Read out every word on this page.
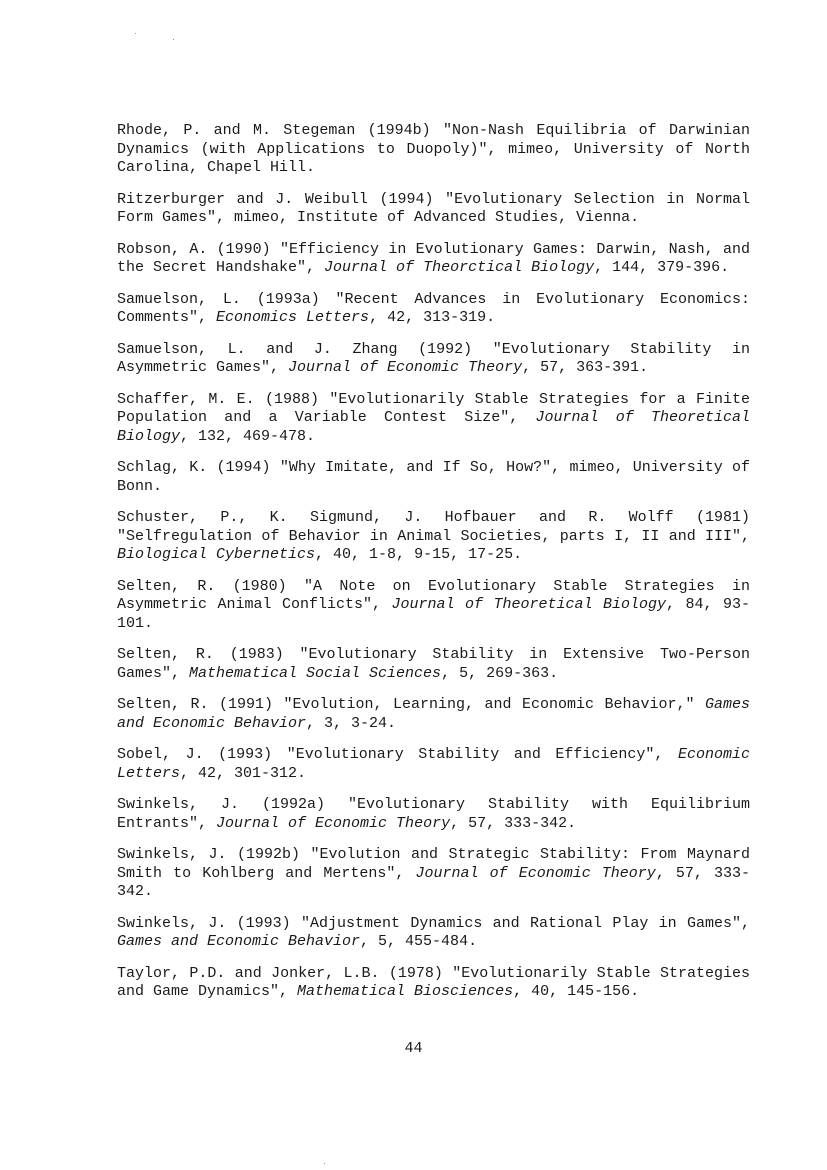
Rhode, P. and M. Stegeman (1994b) "Non-Nash Equilibria of Darwinian Dynamics (with Applications to Duopoly)", mimeo, University of North Carolina, Chapel Hill.

Ritzerburger and J. Weibull (1994) "Evolutionary Selection in Normal Form Games", mimeo, Institute of Advanced Studies, Vienna.

Robson, A. (1990) "Efficiency in Evolutionary Games: Darwin, Nash, and the Secret Handshake", Journal of Theorctical Biology, 144, 379-396.

Samuelson, L. (1993a) "Recent Advances in Evolutionary Economics: Comments", Economics Letters, 42, 313-319.

Samuelson, L. and J. Zhang (1992) "Evolutionary Stability in Asymmetric Games", Journal of Economic Theory, 57, 363-391.

Schaffer, M. E. (1988) "Evolutionarily Stable Strategies for a Finite Population and a Variable Contest Size", Journal of Theoretical Biology, 132, 469-478.

Schlag, K. (1994) "Why Imitate, and If So, How?", mimeo, University of Bonn.

Schuster, P., K. Sigmund, J. Hofbauer and R. Wolff (1981) "Selfregulation of Behavior in Animal Societies, parts I, II and III", Biological Cybernetics, 40, 1-8, 9-15, 17-25.

Selten, R. (1980) "A Note on Evolutionary Stable Strategies in Asymmetric Animal Conflicts", Journal of Theoretical Biology, 84, 93-101.

Selten, R. (1983) "Evolutionary Stability in Extensive Two-Person Games", Mathematical Social Sciences, 5, 269-363.

Selten, R. (1991) "Evolution, Learning, and Economic Behavior," Games and Economic Behavior, 3, 3-24.

Sobel, J. (1993) "Evolutionary Stability and Efficiency", Economic Letters, 42, 301-312.

Swinkels, J. (1992a) "Evolutionary Stability with Equilibrium Entrants", Journal of Economic Theory, 57, 333-342.

Swinkels, J. (1992b) "Evolution and Strategic Stability: From Maynard Smith to Kohlberg and Mertens", Journal of Economic Theory, 57, 333-342.

Swinkels, J. (1993) "Adjustment Dynamics and Rational Play in Games", Games and Economic Behavior, 5, 455-484.

Taylor, P.D. and Jonker, L.B. (1978) "Evolutionarily Stable Strategies and Game Dynamics", Mathematical Biosciences, 40, 145-156.

44
